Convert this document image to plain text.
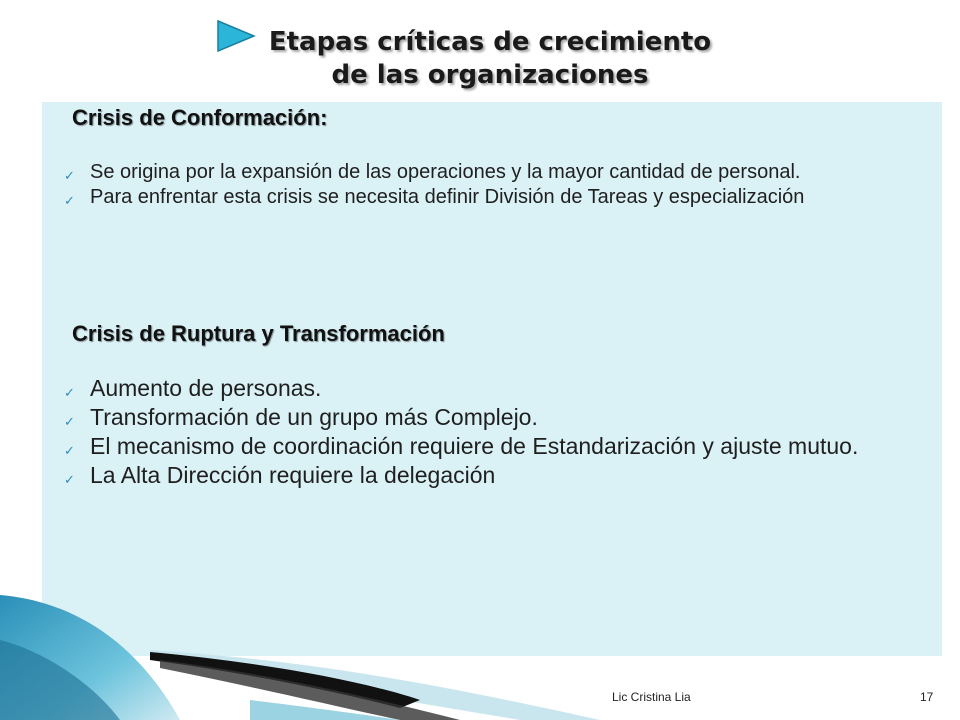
Etapas críticas de crecimiento
de las organizaciones
Crisis de Conformación:
✓ Se origina por la expansión de las operaciones y la mayor cantidad de personal.
✓ Para enfrentar esta crisis se necesita definir División de Tareas y especialización
Crisis de Ruptura y Transformación
✓ Aumento de personas.
✓ Transformación de un grupo más Complejo.
✓ El mecanismo de coordinación requiere de Estandarización y ajuste mutuo.
✓ La Alta Dirección requiere la delegación
Lic Cristina Lia	17
